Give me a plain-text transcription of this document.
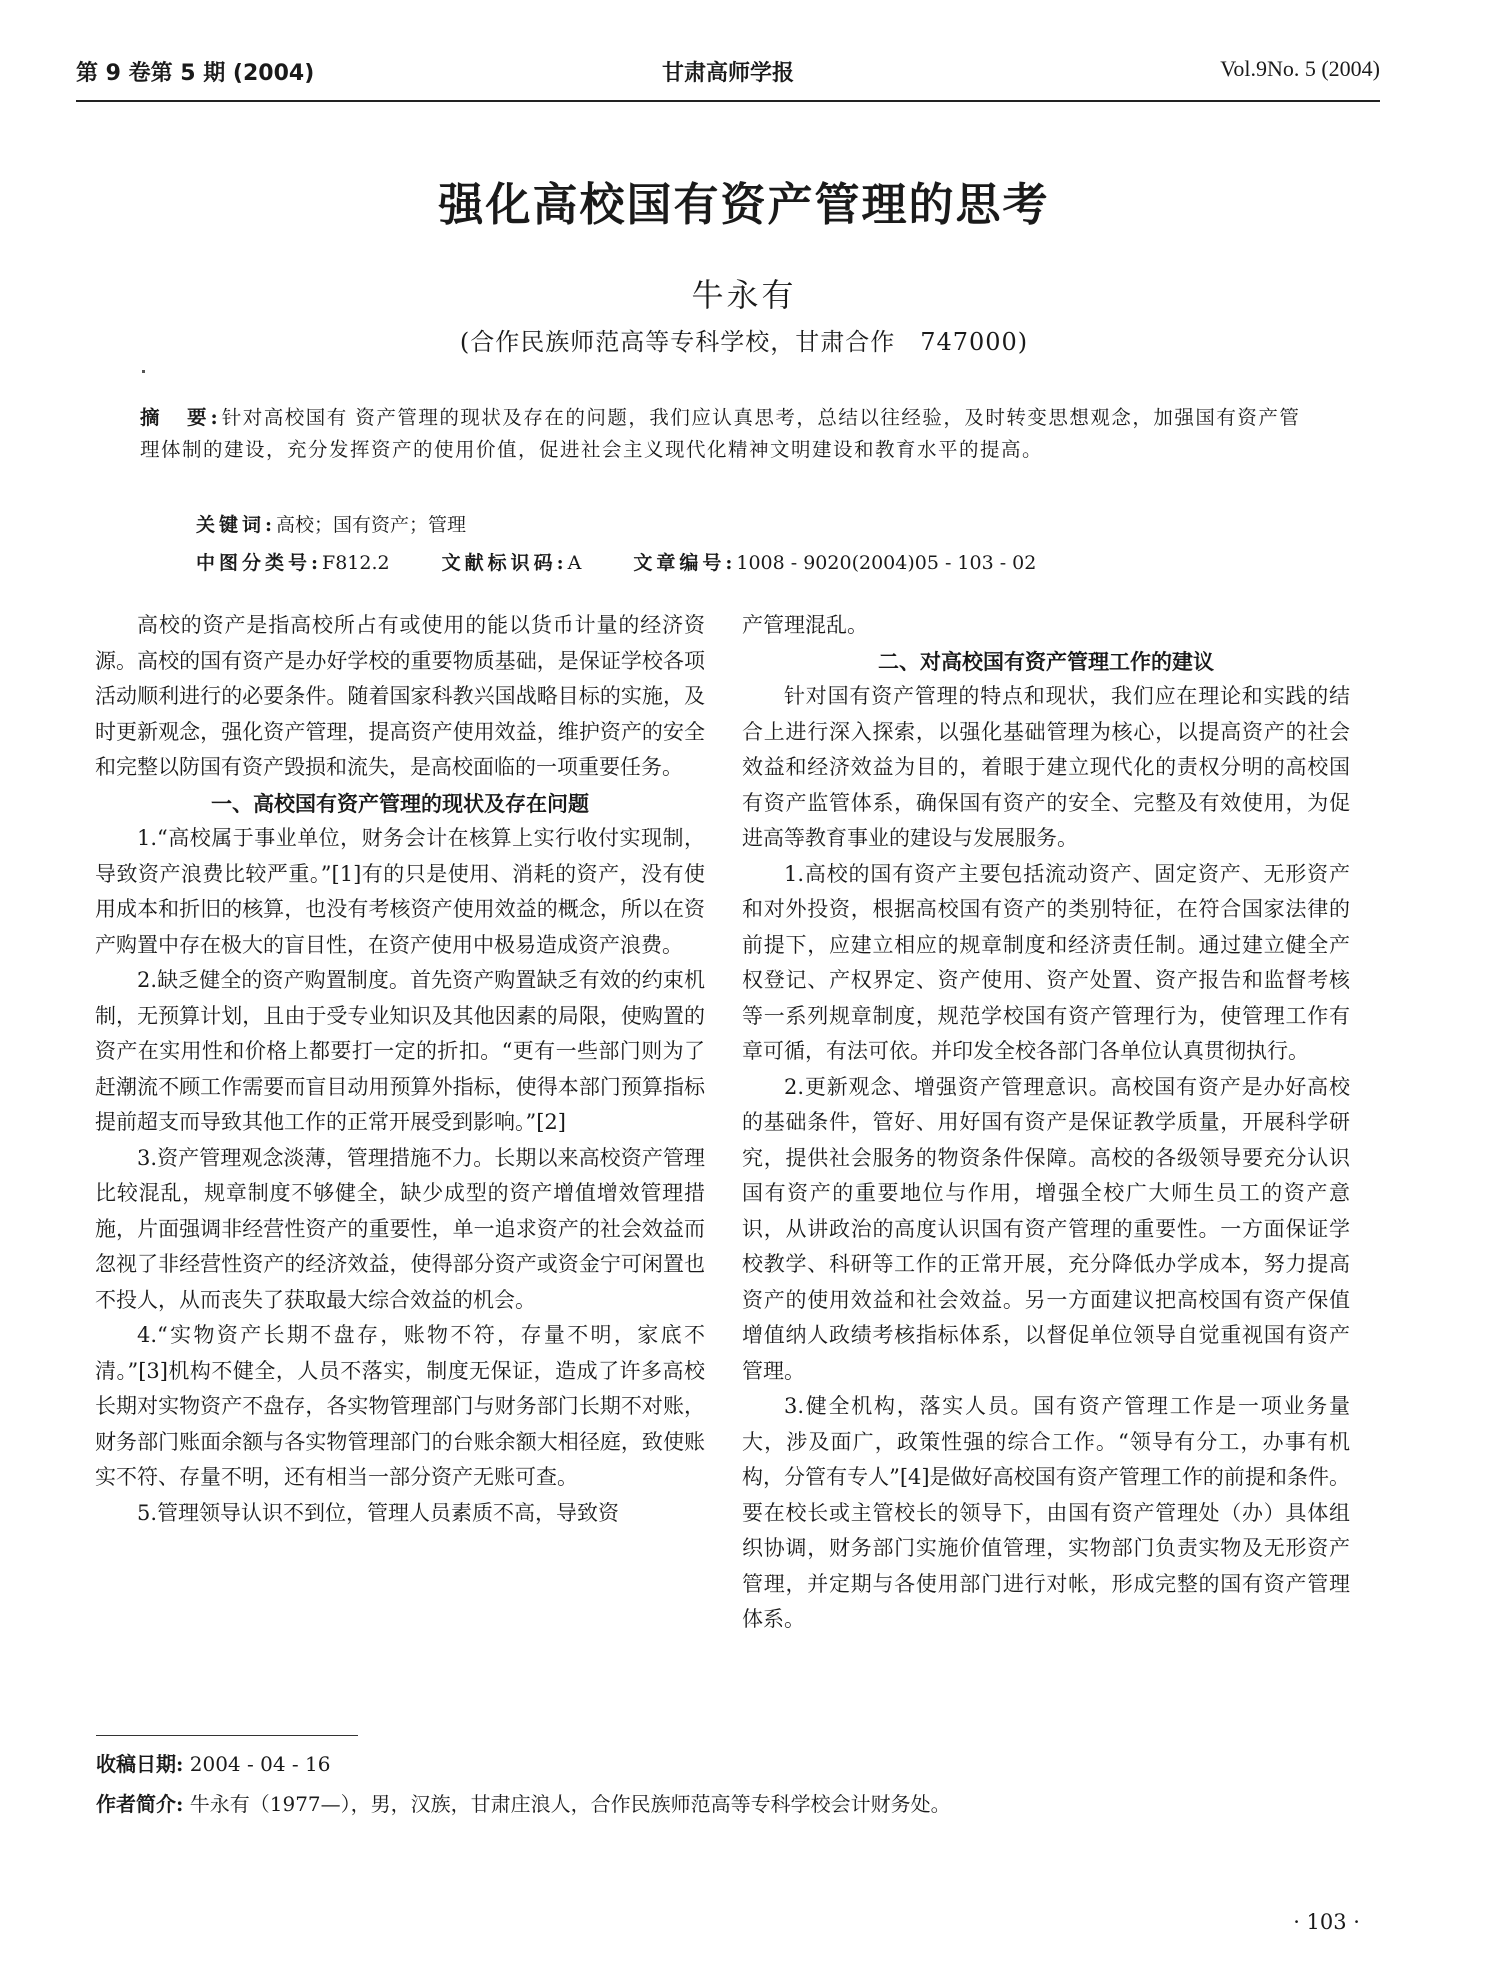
第 9 卷第 5 期 (2004)	甘肃高师学报	Vol.9No. 5 (2004)
强化高校国有资产管理的思考
牛永有
(合作民族师范高等专科学校，甘肃合作　747000)
摘　要:针对高校国有 资产管理的现状及存在的问题，我们应认真思考，总结以往经验，及时转变思想观念，加强国有资产管理体制的建设，充分发挥资产的使用价值，促进社会主义现代化精神文明建设和教育水平的提高。
关键词:高校；国有资产；管理
中图分类号:F812.2	文献标识码:A	文章编号:1008 - 9020(2004)05 - 103 - 02

高校的资产是指高校所占有或使用的能以货币计量的经济资源。高校的国有资产是办好学校的重要物质基础，是保证学校各项活动顺利进行的必要条件。随着国家科教兴国战略目标的实施，及时更新观念，强化资产管理，提高资产使用效益，维护资产的安全和完整以防国有资产毁损和流失，是高校面临的一项重要任务。

一、高校国有资产管理的现状及存在问题

1.“高校属于事业单位，财务会计在核算上实行收付实现制，导致资产浪费比较严重。”[1]有的只是使用、消耗的资产，没有使用成本和折旧的核算，也没有考核资产使用效益的概念，所以在资产购置中存在极大的盲目性，在资产使用中极易造成资产浪费。

2.缺乏健全的资产购置制度。首先资产购置缺乏有效的约束机制，无预算计划，且由于受专业知识及其他因素的局限，使购置的资产在实用性和价格上都要打一定的折扣。“更有一些部门则为了赶潮流不顾工作需要而盲目动用预算外指标，使得本部门预算指标提前超支而导致其他工作的正常开展受到影响。”[2]

3.资产管理观念淡薄，管理措施不力。长期以来高校资产管理比较混乱，规章制度不够健全，缺少成型的资产增值增效管理措施，片面强调非经营性资产的重要性，单一追求资产的社会效益而忽视了非经营性资产的经济效益，使得部分资产或资金宁可闲置也不投人，从而丧失了获取最大综合效益的机会。

4.“实物资产长期不盘存，账物不符，存量不明，家底不清。”[3]机构不健全，人员不落实，制度无保证，造成了许多高校长期对实物资产不盘存，各实物管理部门与财务部门长期不对账，财务部门账面余额与各实物管理部门的台账余额大相径庭，致使账实不符、存量不明，还有相当一部分资产无账可查。

5.管理领导认识不到位，管理人员素质不高，导致资

产管理混乱。

二、对高校国有资产管理工作的建议

针对国有资产管理的特点和现状，我们应在理论和实践的结合上进行深入探索，以强化基础管理为核心，以提高资产的社会效益和经济效益为目的，着眼于建立现代化的责权分明的高校国有资产监管体系，确保国有资产的安全、完整及有效使用，为促进高等教育事业的建设与发展服务。

1.高校的国有资产主要包括流动资产、固定资产、无形资产和对外投资，根据高校国有资产的类别特征，在符合国家法律的前提下，应建立相应的规章制度和经济责任制。通过建立健全产权登记、产权界定、资产使用、资产处置、资产报告和监督考核等一系列规章制度，规范学校国有资产管理行为，使管理工作有章可循，有法可依。并印发全校各部门各单位认真贯彻执行。

2.更新观念、增强资产管理意识。高校国有资产是办好高校的基础条件，管好、用好国有资产是保证教学质量，开展科学研究，提供社会服务的物资条件保障。高校的各级领导要充分认识国有资产的重要地位与作用，增强全校广大师生员工的资产意识，从讲政治的高度认识国有资产管理的重要性。一方面保证学校教学、科研等工作的正常开展，充分降低办学成本，努力提高资产的使用效益和社会效益。另一方面建议把高校国有资产保值增值纳人政绩考核指标体系，以督促单位领导自觉重视国有资产管理。

3.健全机构，落实人员。国有资产管理工作是一项业务量大，涉及面广，政策性强的综合工作。“领导有分工，办事有机构，分管有专人”[4]是做好高校国有资产管理工作的前提和条件。要在校长或主管校长的领导下，由国有资产管理处（办）具体组织协调，财务部门实施价值管理，实物部门负责实物及无形资产管理，并定期与各使用部门进行对帐，形成完整的国有资产管理体系。

收稿日期: 2004 - 04 - 16
作者简介: 牛永有（1977—），男，汉族，甘肃庄浪人，合作民族师范高等专科学校会计财务处。
· 103 ·
